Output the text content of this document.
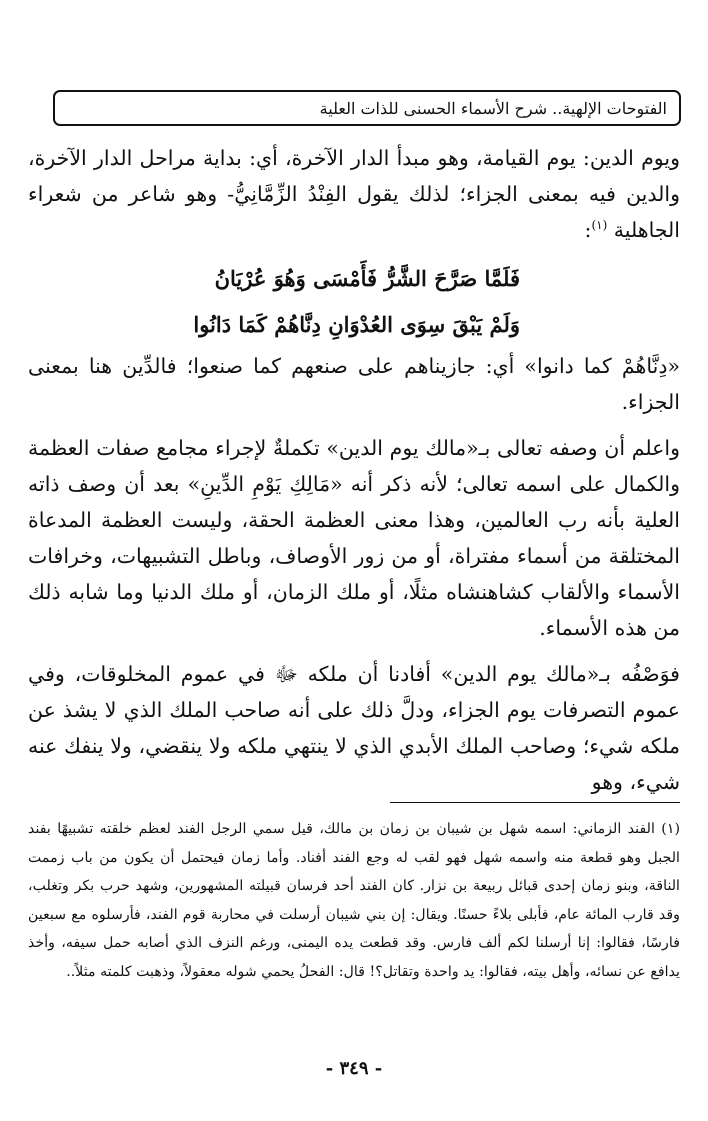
الفتوحات الإلهية.. شرح الأسماء الحسنى للذات العلية

ويوم الدين: يوم القيامة، وهو مبدأ الدار الآخرة، أي: بداية مراحل الدار الآخرة، والدين فيه بمعنى الجزاء؛ لذلك يقول الفِنْدُ الزِّمَّانِيُّ- وهو شاعر من شعراء الجاهلية $^{(١)}$:

فَلَمَّا صَرَّحَ الشَّرُّ فَأَمْسَى وَهُوَ عُرْيَانُ
وَلَمْ يَبْقَ سِوَى العُدْوَانِ دِنَّاهُمْ كَمَا دَانُوا

«دِنَّاهُمْ كما دانوا» أي: جازيناهم على صنعهم كما صنعوا؛ فالدِّين هنا بمعنى الجزاء.

واعلم أن وصفه تعالى بـ«مالك يوم الدين» تكملةٌ لإجراء مجامع صفات العظمة والكمال على اسمه تعالى؛ لأنه ذكر أنه «مَالِكِ يَوْمِ الدِّينِ» بعد أن وصف ذاته العلية بأنه رب العالمين، وهذا معنى العظمة الحقة، وليست العظمة المدعاة المختلقة من أسماء مفتراة، أو من زور الأوصاف، وباطل التشبيهات، وخرافات الأسماء والألقاب كشاهنشاه مثلًا، أو ملك الزمان، أو ملك الدنيا وما شابه ذلك من هذه الأسماء.

فوَصْفُه بـ«مالك يوم الدين» أفادنا أن ملكه ﷻ في عموم المخلوقات، وفي عموم التصرفات يوم الجزاء، ودلَّ ذلك على أنه صاحب الملك الذي لا يشذ عن ملكه شيء؛ وصاحب الملك الأبدي الذي لا ينتهي ملكه ولا ينقضي، ولا ينفك عنه شيء، وهو

(١) الفند الزماني: اسمه شهل بن شيبان بن زمان بن مالك، قيل سمي الرجل الفند لعظم خلقته تشبيهًا بفند الجبل وهو قطعة منه واسمه شهل فهو لقب له وجع الفند أفناد. وأما زمان فيحتمل أن يكون من باب زممت الناقة، وبنو زمان إحدى قبائل ربيعة بن نزار. كان الفند أحد فرسان قبيلته المشهورين، وشهد حرب بكر وتغلب، وقد قارب المائة عام، فأبلى بلاءً حسنًا. ويقال: إن بني شيبان أرسلت في محاربة قوم الفند، فأرسلوه مع سبعين فارسًا، فقالوا: إنا أرسلنا لكم ألف فارس. وقد قطعت يده اليمنى، ورغم النزف الذي أصابه حمل سيفه، وأخذ يدافع عن نسائه، وأهل بيته، فقالوا: يد واحدة وتقاتل؟! قال: الفحلُ يحمي شوله معقولاً، وذهبت كلمته مثلاً..

- ٣٤٩ -
